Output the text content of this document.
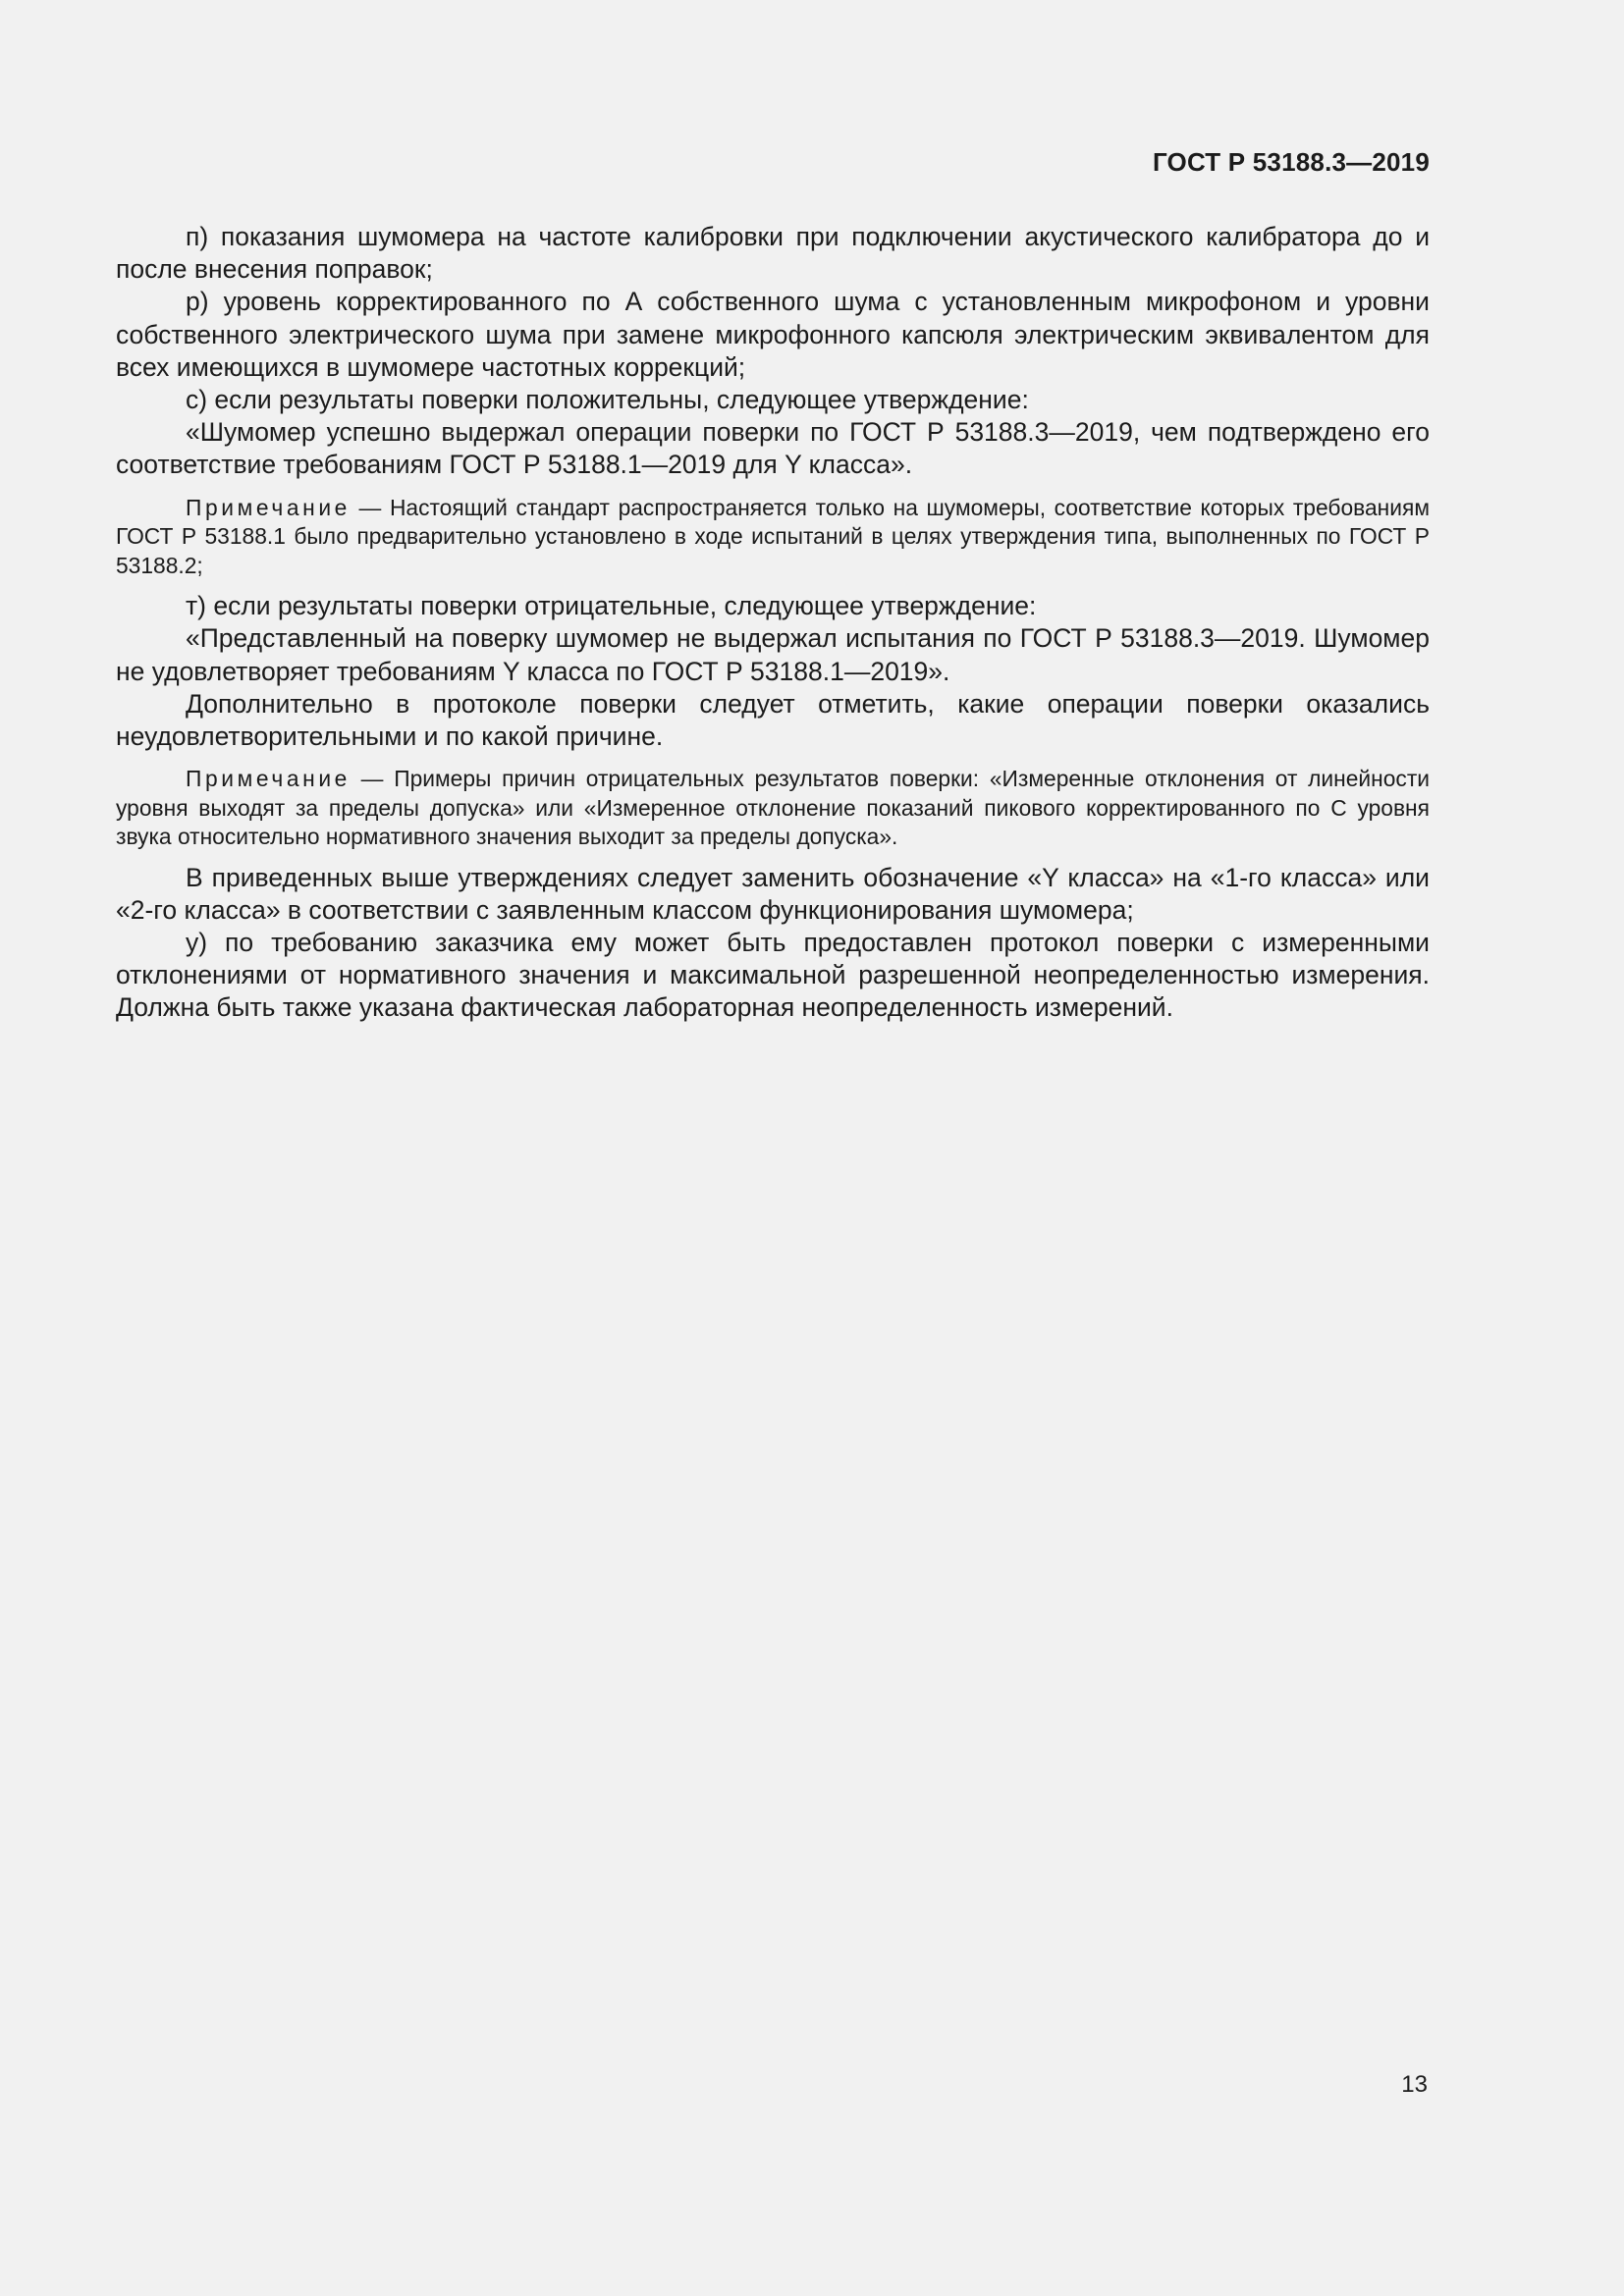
ГОСТ Р 53188.3—2019

п) показания шумомера на частоте калибровки при подключении акустического калибратора до и после внесения поправок;

р) уровень корректированного по А собственного шума с установленным микрофоном и уровни собственного электрического шума при замене микрофонного капсюля электрическим эквивалентом для всех имеющихся в шумомере частотных коррекций;

с) если результаты поверки положительны, следующее утверждение:

«Шумомер успешно выдержал операции поверки по ГОСТ Р 53188.3—2019, чем подтверждено его соответствие требованиям ГОСТ Р 53188.1—2019 для Y класса».

Примечание — Настоящий стандарт распространяется только на шумомеры, соответствие которых требованиям ГОСТ Р 53188.1 было предварительно установлено в ходе испытаний в целях утверждения типа, выполненных по ГОСТ Р 53188.2;

т) если результаты поверки отрицательные, следующее утверждение:

«Представленный на поверку шумомер не выдержал испытания по ГОСТ Р 53188.3—2019. Шумомер не удовлетворяет требованиям Y класса по ГОСТ Р 53188.1—2019».

Дополнительно в протоколе поверки следует отметить, какие операции поверки оказались неудовлетворительными и по какой причине.

Примечание — Примеры причин отрицательных результатов поверки: «Измеренные отклонения от линейности уровня выходят за пределы допуска» или «Измеренное отклонение показаний пикового корректированного по С уровня звука относительно нормативного значения выходит за пределы допуска».

В приведенных выше утверждениях следует заменить обозначение «Y класса» на «1-го класса» или «2-го класса» в соответствии с заявленным классом функционирования шумомера;

у) по требованию заказчика ему может быть предоставлен протокол поверки с измеренными отклонениями от нормативного значения и максимальной разрешенной неопределенностью измерения. Должна быть также указана фактическая лабораторная неопределенность измерений.

13
